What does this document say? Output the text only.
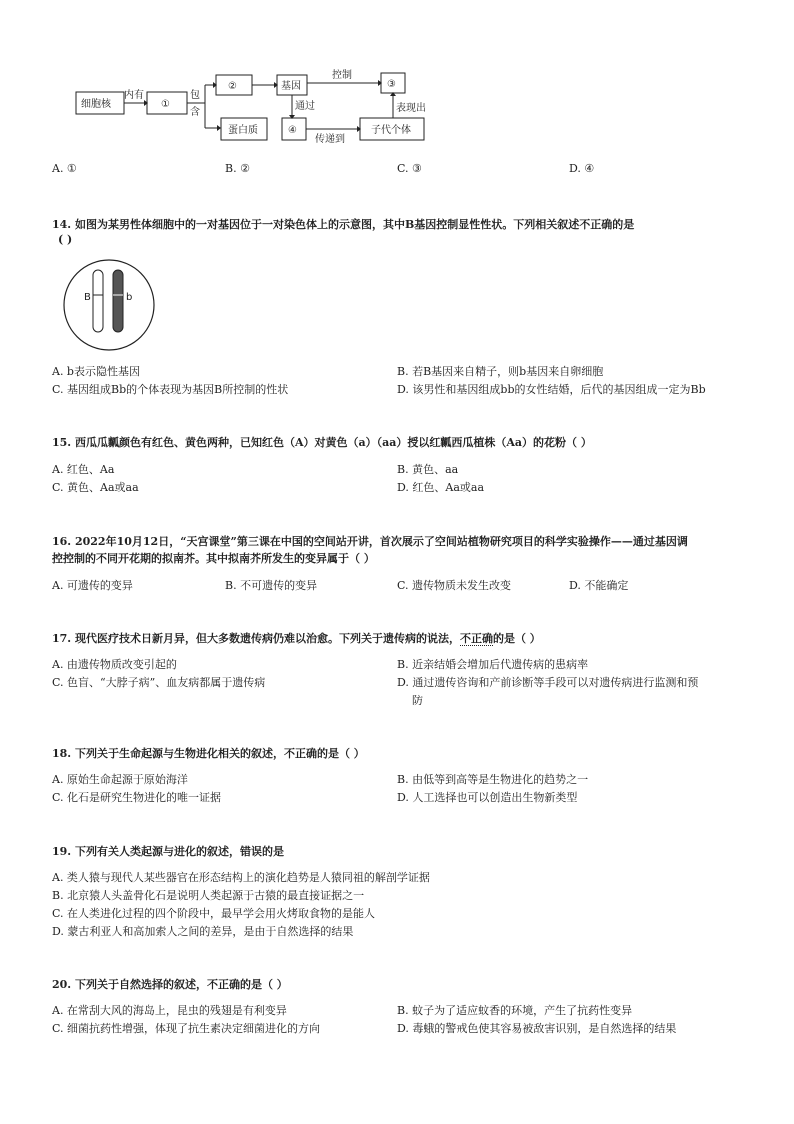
细胞核
内有
①
包
含
②	基因
控制
③
蛋白质
通过
④
传递到
子代个体
表现出
A. ①	B. ②	C. ③	D. ④
14. 如图为某男性体细胞中的一对基因位于一对染色体上的示意图，其中B基因控制显性性状。下列相关叙述不正确的是
( )
B	b
A. b表示隐性基因	B. 若B基因来自精子，则b基因来自卵细胞
C. 基因组成Bb的个体表现为基因B所控制的性状	D. 该男性和基因组成bb的女性结婚，后代的基因组成一定为Bb
15. 西瓜瓜瓤颜色有红色、黄色两种，已知红色（A）对黄色（a）（aa）授以红瓤西瓜植株（Aa）的花粉（ ）
A. 红色、Aa	B. 黄色、aa
C. 黄色、Aa或aa	D. 红色、Aa或aa
16. 2022年10月12日，“天宫课堂”第三课在中国的空间站开讲，首次展示了空间站植物研究项目的科学实验操作——通过基因调
控控制的不同开花期的拟南芥。其中拟南芥所发生的变异属于（ ）
A. 可遗传的变异	B. 不可遗传的变异	C. 遗传物质未发生改变	D. 不能确定
17. 现代医疗技术日新月异，但大多数遗传病仍难以治愈。下列关于遗传病的说法，不正确的是（ ）
A. 由遗传物质改变引起的	B. 近亲结婚会增加后代遗传病的患病率
C. 色盲、“大脖子病”、血友病都属于遗传病	D. 通过遗传咨询和产前诊断等手段可以对遗传病进行监测和预
防
18. 下列关于生命起源与生物进化相关的叙述，不正确的是（ ）
A. 原始生命起源于原始海洋	B. 由低等到高等是生物进化的趋势之一
C. 化石是研究生物进化的唯一证据	D. 人工选择也可以创造出生物新类型
19. 下列有关人类起源与进化的叙述，错误的是
A. 类人猿与现代人某些器官在形态结构上的演化趋势是人猿同祖的解剖学证据
B. 北京猿人头盖骨化石是说明人类起源于古猿的最直接证据之一
C. 在人类进化过程的四个阶段中，最早学会用火烤取食物的是能人
D. 蒙古利亚人和高加索人之间的差异，是由于自然选择的结果
20. 下列关于自然选择的叙述，不正确的是（ ）
A. 在常刮大风的海岛上，昆虫的残翅是有利变异	B. 蚊子为了适应蚊香的环境，产生了抗药性变异
C. 细菌抗药性增强，体现了抗生素决定细菌进化的方向	D. 毒蛾的警戒色使其容易被敌害识别，是自然选择的结果
